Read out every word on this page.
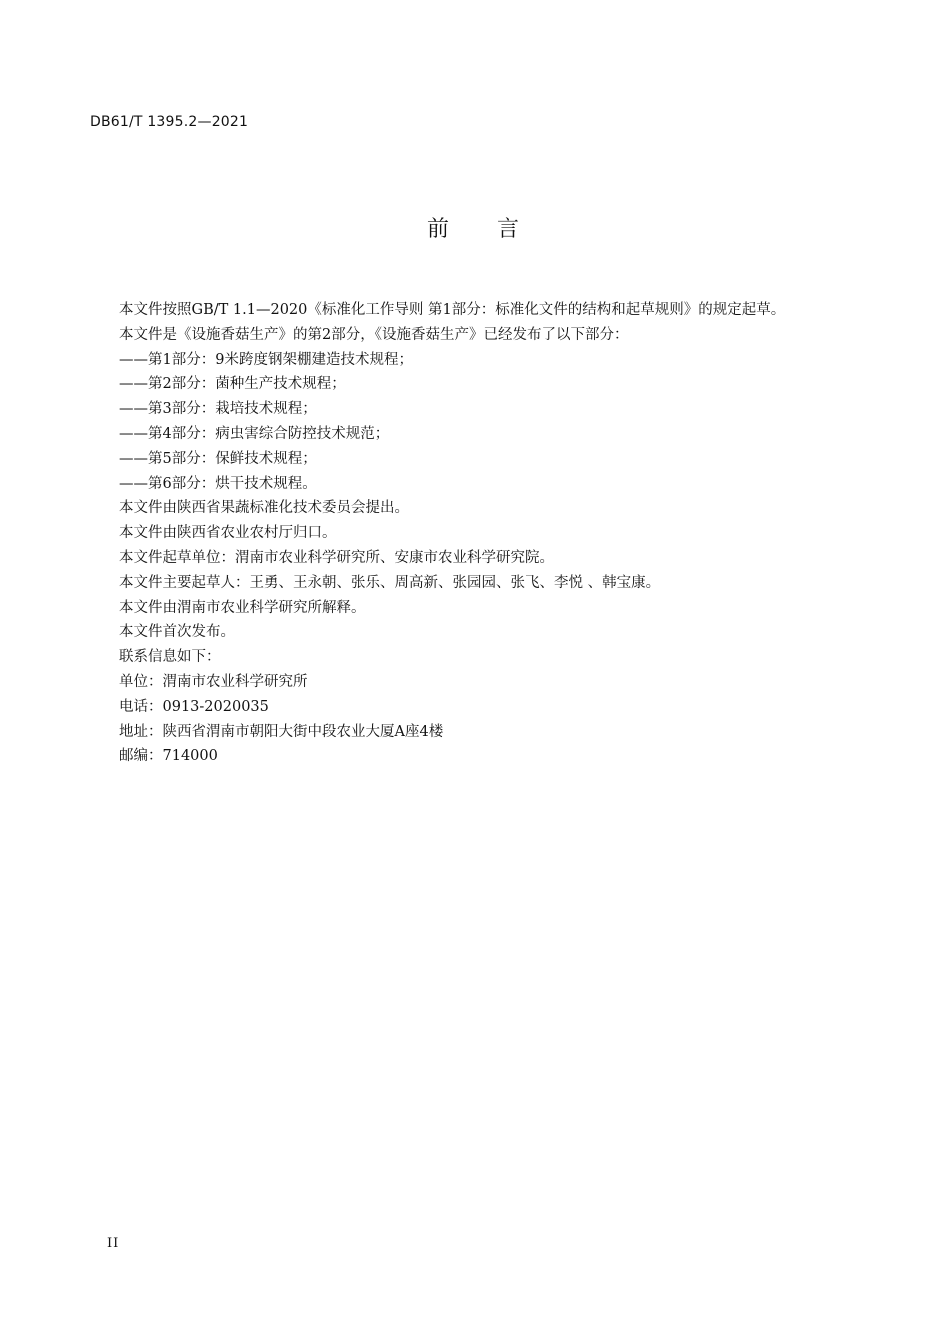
DB61/T 1395.2—2021
前 言

本文件按照GB/T 1.1—2020《标准化工作导则 第1部分：标准化文件的结构和起草规则》的规定起草。

本文件是《设施香菇生产》的第2部分，《设施香菇生产》已经发布了以下部分：

——第1部分：9米跨度钢架棚建造技术规程；

——第2部分：菌种生产技术规程；

——第3部分：栽培技术规程；

——第4部分：病虫害综合防控技术规范；

——第5部分：保鲜技术规程；

——第6部分：烘干技术规程。

本文件由陕西省果蔬标准化技术委员会提出。

本文件由陕西省农业农村厅归口。

本文件起草单位：渭南市农业科学研究所、安康市农业科学研究院。

本文件主要起草人：王勇、王永朝、张乐、周高新、张园园、张飞、李悦 、韩宝康。

本文件由渭南市农业科学研究所解释。

本文件首次发布。

联系信息如下：

单位：渭南市农业科学研究所

电话：0913-2020035

地址：陕西省渭南市朝阳大街中段农业大厦A座4楼

邮编：714000

II
